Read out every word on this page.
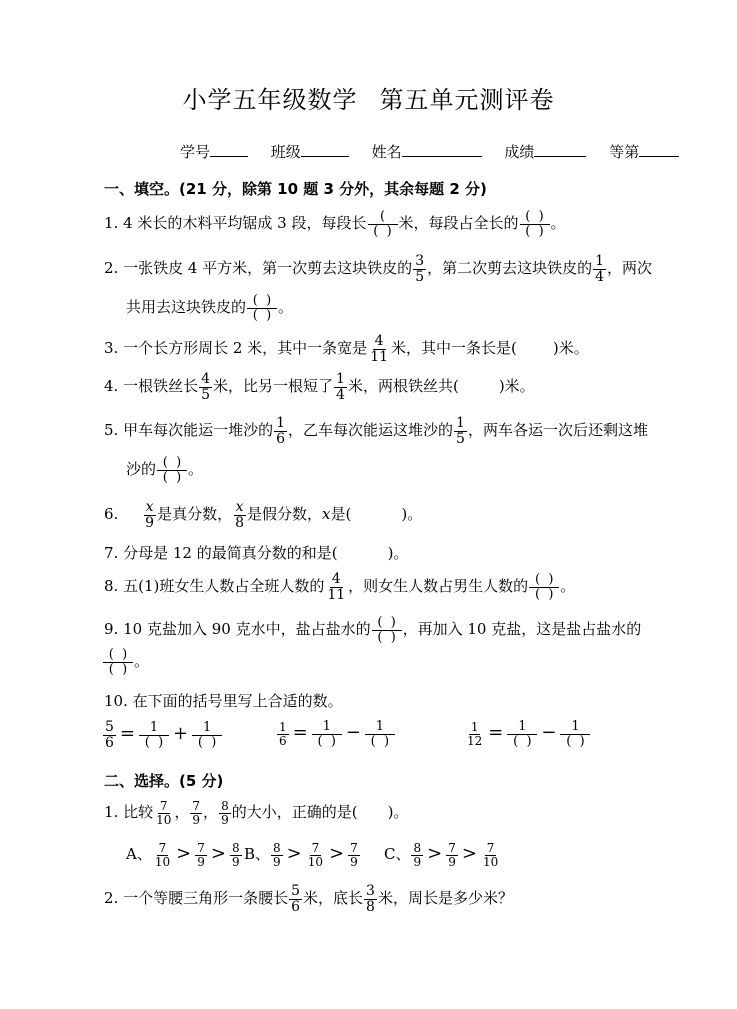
小学五年级数学 第五单元测评卷
学号	班级	姓名	成绩	等第
一、填空。(21 分，除第 10 题 3 分外，其余每题 2 分)
1. 4 米长的木料平均锯成 3 段，每段长 $\frac{(}{( )}$ 米，每段占全长的 $\frac{( )}{( )}$ 。
2. 一张铁皮 4 平方米，第一次剪去这块铁皮的 $\frac{3}{5}$ ，第二次剪去这块铁皮的 $\frac{1}{4}$ ，两次
共用去这块铁皮的 $\frac{( )}{( )}$ 。
3. 一个长方形周长 2 米，其中一条宽是 $\frac{4}{11}$ 米，其中一条长是( )米。
4. 一根铁丝长 $\frac{4}{5}$ 米，比另一根短了 $\frac{1}{4}$ 米，两根铁丝共(	)米。
5. 甲车每次能运一堆沙的 $\frac{1}{6}$ ，乙车每次能运这堆沙的 $\frac{1}{5}$ ，两车各运一次后还剩这堆
沙的 $\frac{( )}{( )}$ 。
6. $\frac{x}{9}$ 是真分数， $\frac{x}{8}$ 是假分数，x是(	)。
7. 分母是 12 的最简真分数的和是(	)。
8. 五(1)班女生人数占全班人数的 $\frac{4}{11}$ ，则女生人数占男生人数的 $\frac{( )}{( )}$ 。
9. 10 克盐加入 90 克水中，盐占盐水的 $\frac{( )}{( )}$ ，再加入 10 克盐，这是盐占盐水的
$\frac{( )}{( )}$ 。
10. 在下面的括号里写上合适的数。
$\frac{5}{6} = \frac{1}{( )} + \frac{1}{( )}$	$\frac{1}{6} = \frac{1}{( )} - \frac{1}{( )}$	$\frac{1}{12} = \frac{1}{( )} - \frac{1}{( )}$
二、选择。(5 分)
1. 比较 $\frac{7}{10}$ ， $\frac{7}{9}$ ， $\frac{8}{9}$ 的大小，正确的是( )。
A、 $\frac{7}{10} > \frac{7}{9} > \frac{8}{9}$ B、 $\frac{8}{9} > \frac{7}{10} > \frac{7}{9}$ C、 $\frac{8}{9} > \frac{7}{9} > \frac{7}{10}$
2. 一个等腰三角形一条腰长 $\frac{5}{6}$ 米，底长 $\frac{3}{8}$ 米，周长是多少米？
